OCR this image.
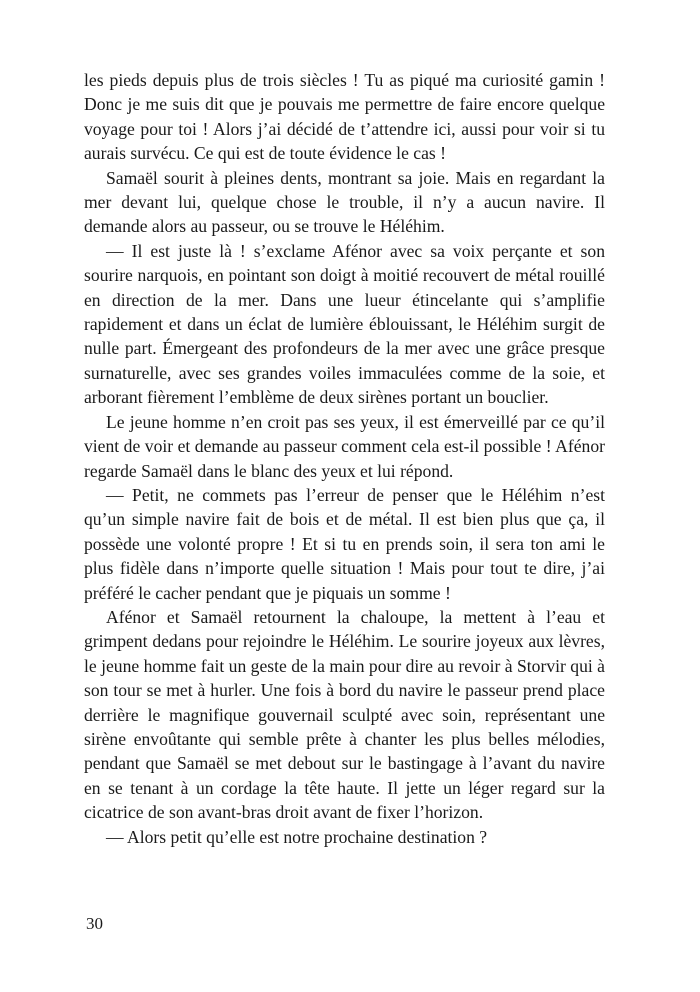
les pieds depuis plus de trois siècles ! Tu as piqué ma curiosité gamin ! Donc je me suis dit que je pouvais me permettre de faire encore quelque voyage pour toi ! Alors j’ai décidé de t’attendre ici, aussi pour voir si tu aurais survécu. Ce qui est de toute évidence le cas !

Samaël sourit à pleines dents, montrant sa joie. Mais en regardant la mer devant lui, quelque chose le trouble, il n’y a aucun navire. Il demande alors au passeur, ou se trouve le Héléhim.

— Il est juste là ! s’exclame Afénor avec sa voix perçante et son sourire narquois, en pointant son doigt à moitié recouvert de métal rouillé en direction de la mer. Dans une lueur étincelante qui s’amplifie rapidement et dans un éclat de lumière éblouissant, le Héléhim surgit de nulle part. Émergeant des profondeurs de la mer avec une grâce presque surnaturelle, avec ses grandes voiles immaculées comme de la soie, et arborant fièrement l’emblème de deux sirènes portant un bouclier.

Le jeune homme n’en croit pas ses yeux, il est émerveillé par ce qu’il vient de voir et demande au passeur comment cela est-il possible ! Afénor regarde Samaël dans le blanc des yeux et lui répond.

— Petit, ne commets pas l’erreur de penser que le Héléhim n’est qu’un simple navire fait de bois et de métal. Il est bien plus que ça, il possède une volonté propre ! Et si tu en prends soin, il sera ton ami le plus fidèle dans n’importe quelle situation ! Mais pour tout te dire, j’ai préféré le cacher pendant que je piquais un somme !

Afénor et Samaël retournent la chaloupe, la mettent à l’eau et grimpent dedans pour rejoindre le Héléhim. Le sourire joyeux aux lèvres, le jeune homme fait un geste de la main pour dire au revoir à Storvir qui à son tour se met à hurler. Une fois à bord du navire le passeur prend place derrière le magnifique gouvernail sculpté avec soin, représentant une sirène envoûtante qui semble prête à chanter les plus belles mélodies, pendant que Samaël se met debout sur le bastingage à l’avant du navire en se tenant à un cordage la tête haute. Il jette un léger regard sur la cicatrice de son avant-bras droit avant de fixer l’horizon.

— Alors petit qu’elle est notre prochaine destination ?

30
